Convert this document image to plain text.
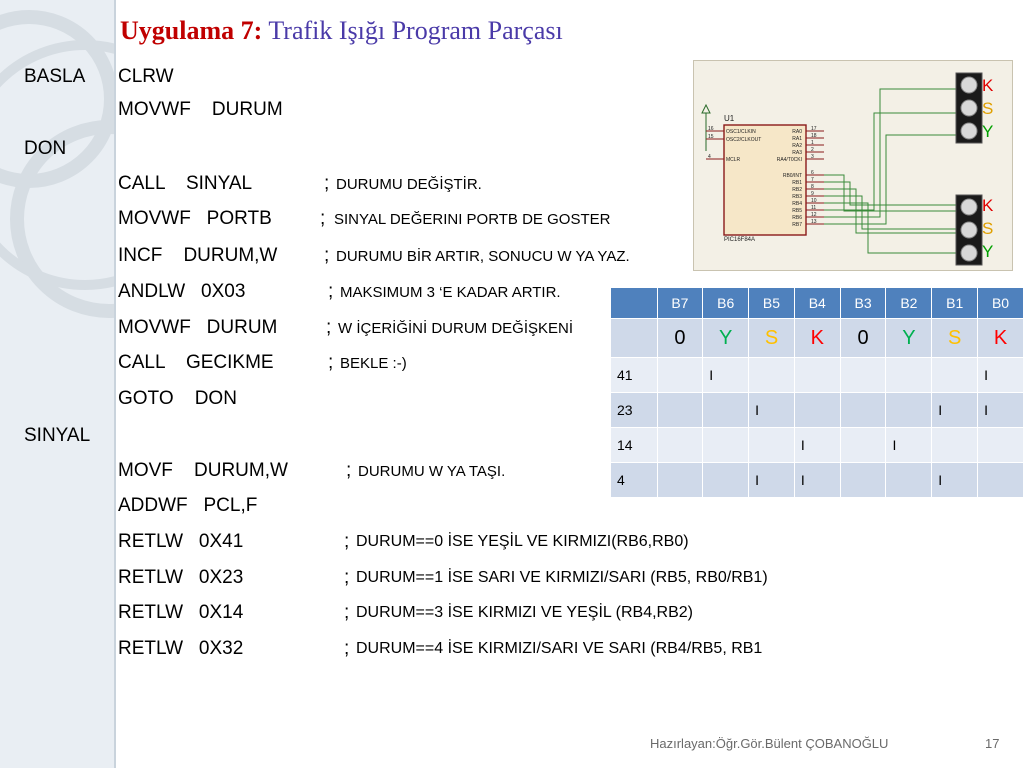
Uygulama 7: Trafik Işığı Program Parçası
BASLA
DON
SINYAL
CLRW
MOVWF    DURUM
CALL    SINYAL	; DURUMU DEĞİŞTİR.
MOVWF   PORTB	; SINYAL DEĞERINI PORTB DE GOSTER
INCF    DURUM,W ; DURUMU BİR ARTIR, SONUCU W YA YAZ.
ANDLW   0X03	; MAKSIMUM 3 ‘E KADAR ARTIR.
MOVWF   DURUM	; W İÇERİĞİNİ DURUM DEĞİŞKENİ
CALL    GECIKME	; BEKLE :-)
GOTO    DON
MOVF    DURUM,W	; DURUMU W YA TAŞI.
ADDWF   PCL,F
RETLW   0X41	; DURUM==0 İSE YEŞİL VE KIRMIZI(RB6,RB0)
RETLW   0X23	; DURUM==1 İSE SARI VE KIRMIZI/SARI (RB5, RB0/RB1)
RETLW   0X14	; DURUM==3 İSE KIRMIZI VE YEŞİL (RB4,RB2)
RETLW   0X32	; DURUM==4 İSE KIRMIZI/SARI VE SARI (RB4/RB5, RB1
U1
PIC16F84A
16 OSC1/CLKIN
15 OSC2/CLKOUT
4	MCLR
17
RA0
18
RA1
1
RA2
2
RA3
3
RA4/T0CKI
6
RB0/INT
7
RB1
8
RB2
9
RB3
10
RB4
11
RB5
12
RB6
13
RB7
K
S
Y
K
S
Y
	B7	B6	B5	B4	B3	B2	B1	B0
	0	Y	S	K	0	Y	S	K
41		I						I
23			I				I	I
14				I		I		
4			I	I			I	
Hazırlayan:Öğr.Gör.Bülent ÇOBANOĞLU	17
